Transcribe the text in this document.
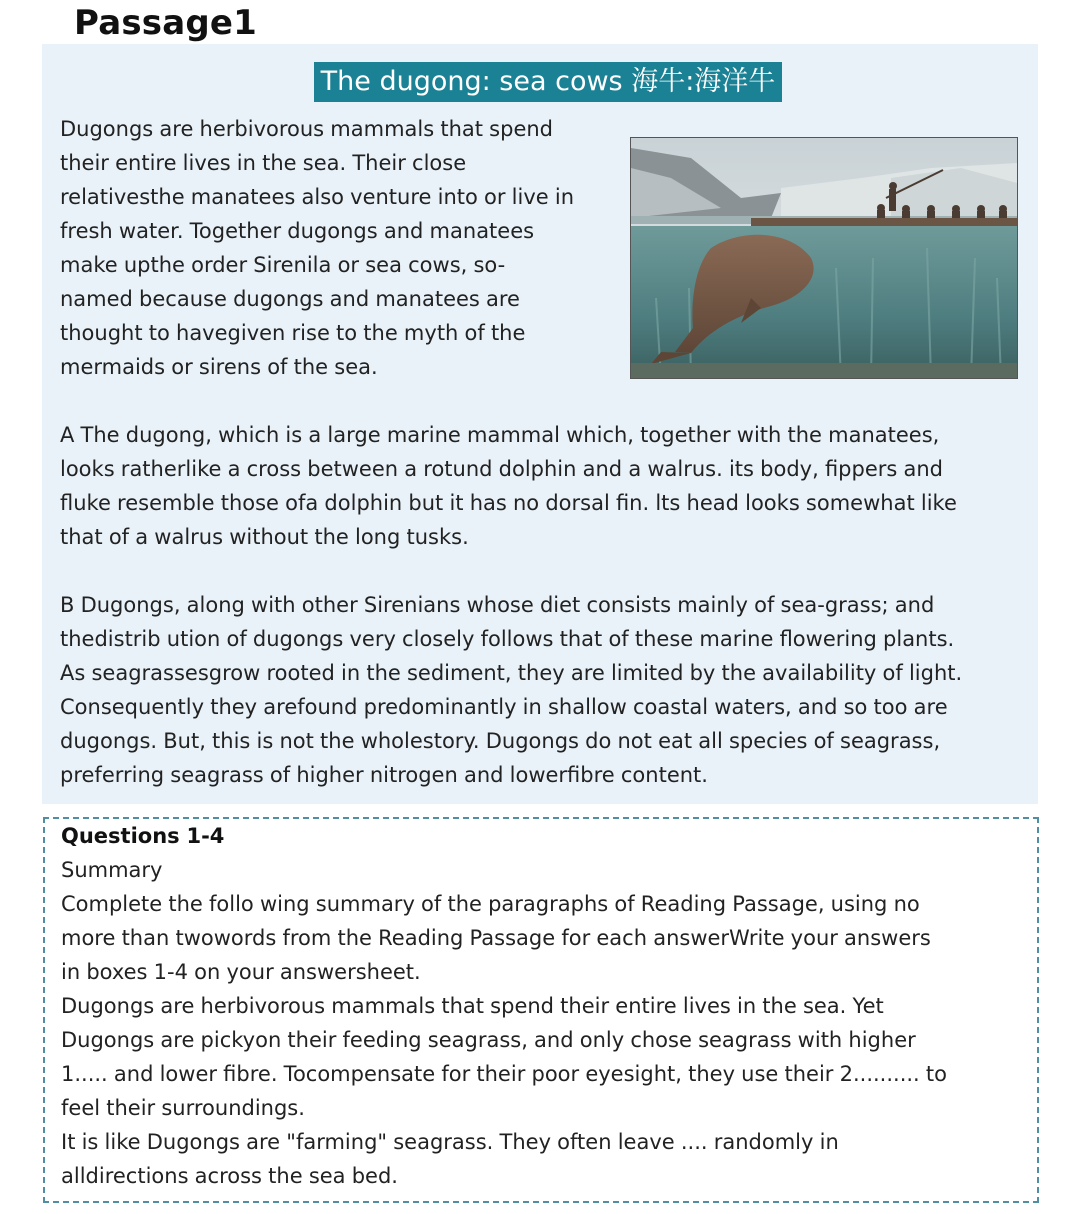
Passage1
The dugong: sea cows 海牛:海洋牛
Dugongs are herbivorous mammals that spend
their entire lives in the sea. Their close
relativesthe manatees also venture into or live in
fresh water. Together dugongs and manatees
make upthe order Sirenila or sea cows, so-
named because dugongs and manatees are
thought to havegiven rise to the myth of the
mermaids or sirens of the sea.
A The dugong, which is a large marine mammal which, together with the manatees,
looks ratherlike a cross between a rotund dolphin and a walrus. its body, fippers and
fluke resemble those ofa dolphin but it has no dorsal fin. lts head looks somewhat like
that of a walrus without the long tusks.
B Dugongs, along with other Sirenians whose diet consists mainly of sea-grass; and
thedistrib ution of dugongs very closely follows that of these marine flowering plants.
As seagrassesgrow rooted in the sediment, they are limited by the availability of light.
Consequently they arefound predominantly in shallow coastal waters, and so too are
dugongs. But, this is not the wholestory. Dugongs do not eat all species of seagrass,
preferring seagrass of higher nitrogen and lowerfibre content.
Questions 1-4
Summary
Complete the follo wing summary of the paragraphs of Reading Passage, using no
more than twowords from the Reading Passage for each answerWrite your answers
in boxes 1-4 on your answersheet.
Dugongs are herbivorous mammals that spend their entire lives in the sea. Yet
Dugongs are pickyon their feeding seagrass, and only chose seagrass with higher
1..... and lower fibre. Tocompensate for their poor eyesight, they use their 2.......... to
feel their surroundings.
It is like Dugongs are "farming" seagrass. They often leave .... randomly in
alldirections across the sea bed.
